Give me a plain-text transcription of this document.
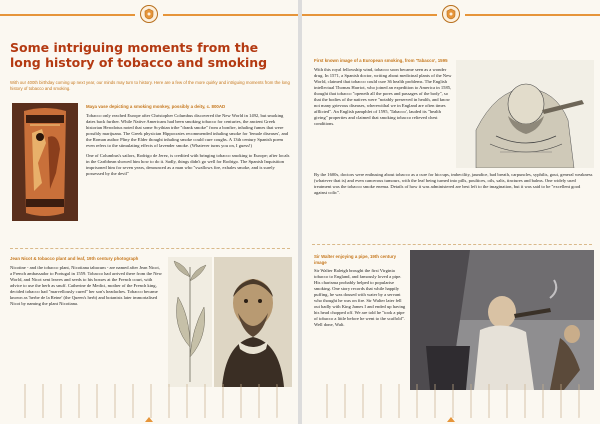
Some intriguing moments from the long history of tobacco and smoking

With our 400th birthday coming up next year, our minds may turn to history. Here are a few of the more quirky and intriguing moments from the long history of tobacco and smoking.

Maya vase depicting a smoking monkey, possibly a deity, c. 800AD

Tobacco only reached Europe after Christopher Columbus discovered the New World in 1492, but smoking dates back further. While Native Americans had been smoking tobacco for centuries, the ancient Greek historian Herodotus noted that some Scythian tribe "drank smoke" from a bonfire, inhaling fumes that were possibly marijuana. The Greek physician Hippocrates recommended inhaling smoke for 'female diseases', and the Roman author Pliny the Elder thought inhaling smoke could cure coughs. A 13th century Spanish poem even refers to the stimulating effects of lavender smoke. (Whatever turns you on, I guess!)

One of Columbus's sailors, Rodrigo de Jerez, is credited with bringing tobacco smoking to Europe; after locals in the Caribbean showed him how to do it. Sadly, things didn't go well for Rodrigo. The Spanish Inquisition imprisoned him for seven years, denounced as a man who "swallows fire, exhales smoke, and is surely possessed by the devil"

Jean Nicot & tobacco plant and leaf, 19th century photograph
Nicotine - and the tobacco plant, Nicotiana tabacum - are named after Jean Nicot, a French ambassador to Portugal in 1559. Tobacco had arrived there from the New World, and Nicot sent leaves and seeds to his bosses at the French court, with advice to use the herb as snuff. Catherine de Medici, mother of the French king, decided tobacco had "marvellously cured" her son's headaches. Tobacco became known as 'herbe de la Reine' (the Queen's herb) and botanists later immortalised Nicot by naming the plant Nicotiana.
First known image of a European smoking, from 'Tabacco', 1595
With this royal fellowship wind, tobacco soon became seen as a wonder drug. In 1571, a Spanish doctor, writing about medicinal plants of the New World, claimed that tobacco could cure 36 health problems. The English intellectual Thomas Harriot, who joined an expedition to America in 1585, thought that tobacco "openeth all the pores and passages of the body", so that the bodies of the natives were "notably preserved in health, and know not many grievous diseases, wherewithal we in England are often times afflicted". An English pamphlet of 1595, 'Tabacco', lauded its "health giving" properties and claimed that smoking tobacco relieved chest conditions.
By the 1600s, doctors were enthusing about tobacco as a cure for hiccups, imbecility, jaundice, bad breath, carpuncles, syphilis, gout, general weakness (whatever that is) and even cancerous tumours, with the leaf being turned into pills, poultices, oils, salts, tinctures and balms. One widely used treatment was the tobacco smoke enema. Details of how it was administered are best left to the imagination, but it was said to be "excellent good against colic".
Sir Walter enjoying a pipe, 19th century image
Sir Walter Raleigh brought the first Virginia tobacco to England, and famously loved a pipe. His charisma probably helped to popularise smoking. One story records that while happily puffing, he was doused with water by a servant who thought he was on fire. Sir Walter later fell out badly with King James I and ended up having his head chopped off. We are told he "took a pipe of tobacco a little before he went to the scaffold". Well done, Walt.
